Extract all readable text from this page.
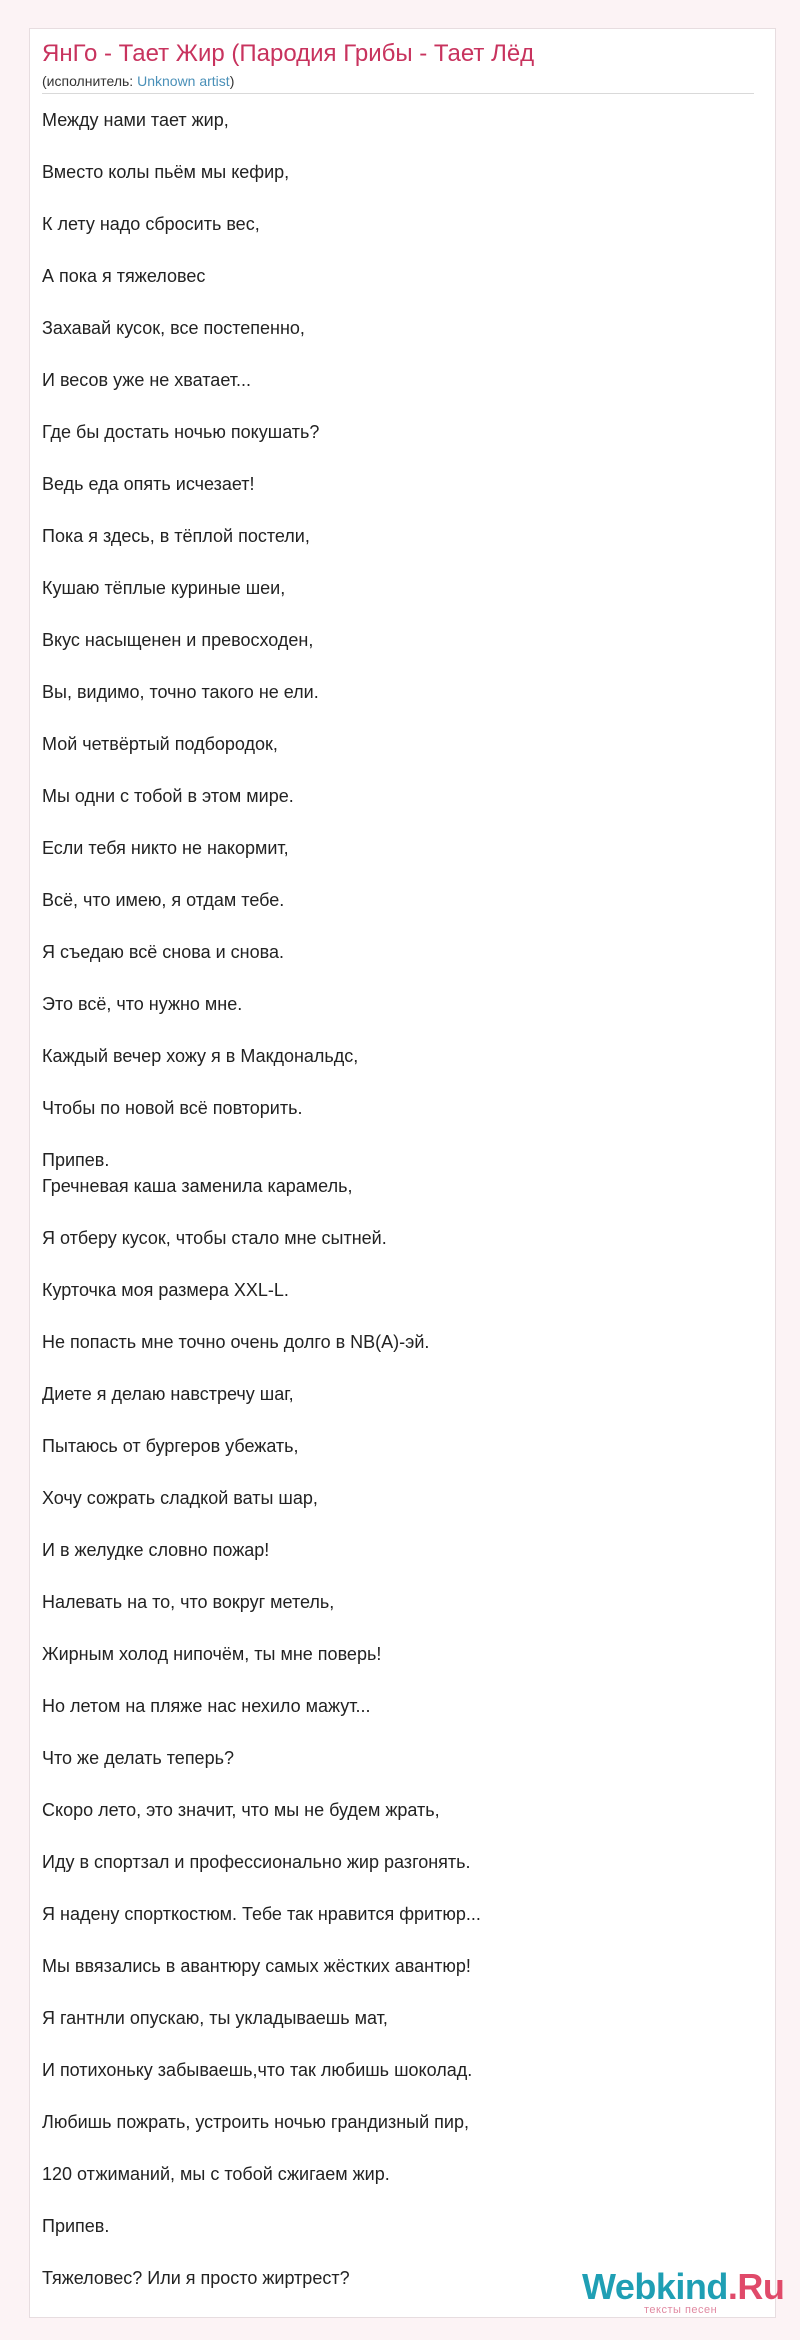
ЯнГо - Тает Жир (Пародия Грибы - Тает Лёд
(исполнитель: Unknown artist)
Между нами тает жир,
Вместо колы пьём мы кефир,
К лету надо сбросить вес,
А пока я тяжеловес
Захавай кусок, все постепенно,
И весов уже не хватает...
Где бы достать ночью покушать?
Ведь еда опять исчезает!
Пока я здесь, в тёплой постели,
Кушаю тёплые куриные шеи,
Вкус насыщенен и превосходен,
Вы, видимо, точно такого не ели.
Мой четвёртый подбородок,
Мы одни с тобой в этом мире.
Если тебя никто не накормит,
Всё, что имею, я отдам тебе.
Я съедаю всё снова и снова.
Это всё, что нужно мне.
Каждый вечер хожу я в Макдональдс,
Чтобы по новой всё повторить.
Припев.
Гречневая каша заменила карамель,
Я отберу кусок, чтобы стало мне сытней.
Курточка моя размера XXL-L.
Не попасть мне точно очень долго в NB(A)-эй.
Диете я делаю навстречу шаг,
Пытаюсь от бургеров убежать,
Хочу сожрать сладкой ваты шар,
И в желудке словно пожар!
Налевать на то, что вокруг метель,
Жирным холод нипочём, ты мне поверь!
Но летом на пляже нас нехило мажут...
Что же делать теперь?
Скоро лето, это значит, что мы не будем жрать,
Иду в спортзал и профессионально жир разгонять.
Я надену спорткостюм. Тебе так нравится фритюр...
Мы ввязались в авантюру самых жёстких авантюр!
Я гантнли опускаю, ты укладываешь мат,
И потихоньку забываешь,что так любишь шоколад.
Любишь пожрать, устроить ночью грандизный пир,
120 отжиманий, мы с тобой сжигаем жир.
Припев.
Тяжеловес? Или я просто жиртрест?	Webkind.Ru
тексты песен
